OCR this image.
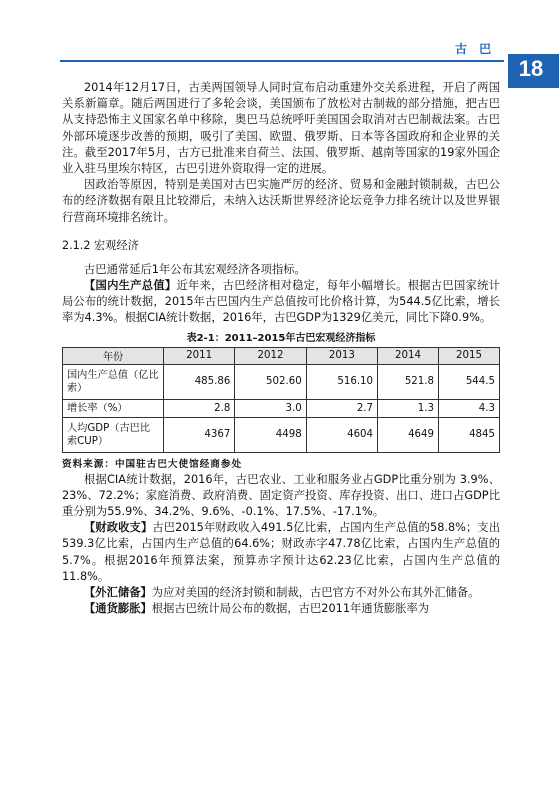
古 巴
18

2014年12月17日，古美两国领导人同时宣布启动重建外交关系进程，开启了两国关系新篇章。随后两国进行了多轮会谈，美国颁布了放松对古制裁的部分措施，把古巴从支持恐怖主义国家名单中移除，奥巴马总统呼吁美国国会取消对古巴制裁法案。古巴外部环境逐步改善的预期，吸引了美国、欧盟、俄罗斯、日本等各国政府和企业界的关注。截至2017年5月，古方已批准来自荷兰、法国、俄罗斯、越南等国家的19家外国企业入驻马里埃尔特区，古巴引进外资取得一定的进展。

因政治等原因，特别是美国对古巴实施严厉的经济、贸易和金融封锁制裁，古巴公布的经济数据有限且比较滞后，未纳入达沃斯世界经济论坛竞争力排名统计以及世界银行营商环境排名统计。

2.1.2 宏观经济

古巴通常延后1年公布其宏观经济各项指标。

【国内生产总值】近年来，古巴经济相对稳定，每年小幅增长。根据古巴国家统计局公布的统计数据，2015年古巴国内生产总值按可比价格计算，为544.5亿比索，增长率为4.3%。根据CIA统计数据，2016年，古巴GDP为1329亿美元，同比下降0.9%。

表2-1：2011–2015年古巴宏观经济指标
年份	2011	2012	2013	2014	2015
国内生产总值（亿比索）	485.86	502.60	516.10	521.8	544.5
增长率（%）	2.8	3.0	2.7	1.3	4.3
人均GDP（古巴比索CUP）	4367	4498	4604	4649	4845
资料来源：中国驻古巴大使馆经商参处

根据CIA统计数据，2016年，古巴农业、工业和服务业占GDP比重分别为 3.9%、23%、72.2%；家庭消费、政府消费、固定资产投资、库存投资、出口、进口占GDP比重分别为55.9%、34.2%、9.6%、-0.1%、17.5%、-17.1%。

【财政收支】古巴2015年财政收入491.5亿比索，占国内生产总值的58.8%；支出539.3亿比索，占国内生产总值的64.6%；财政赤字47.78亿比索，占国内生产总值的5.7%。根据2016年预算法案，预算赤字预计达62.23亿比索，占国内生产总值的11.8%。

【外汇储备】为应对美国的经济封锁和制裁，古巴官方不对外公布其外汇储备。

【通货膨胀】根据古巴统计局公布的数据，古巴2011年通货膨胀率为
